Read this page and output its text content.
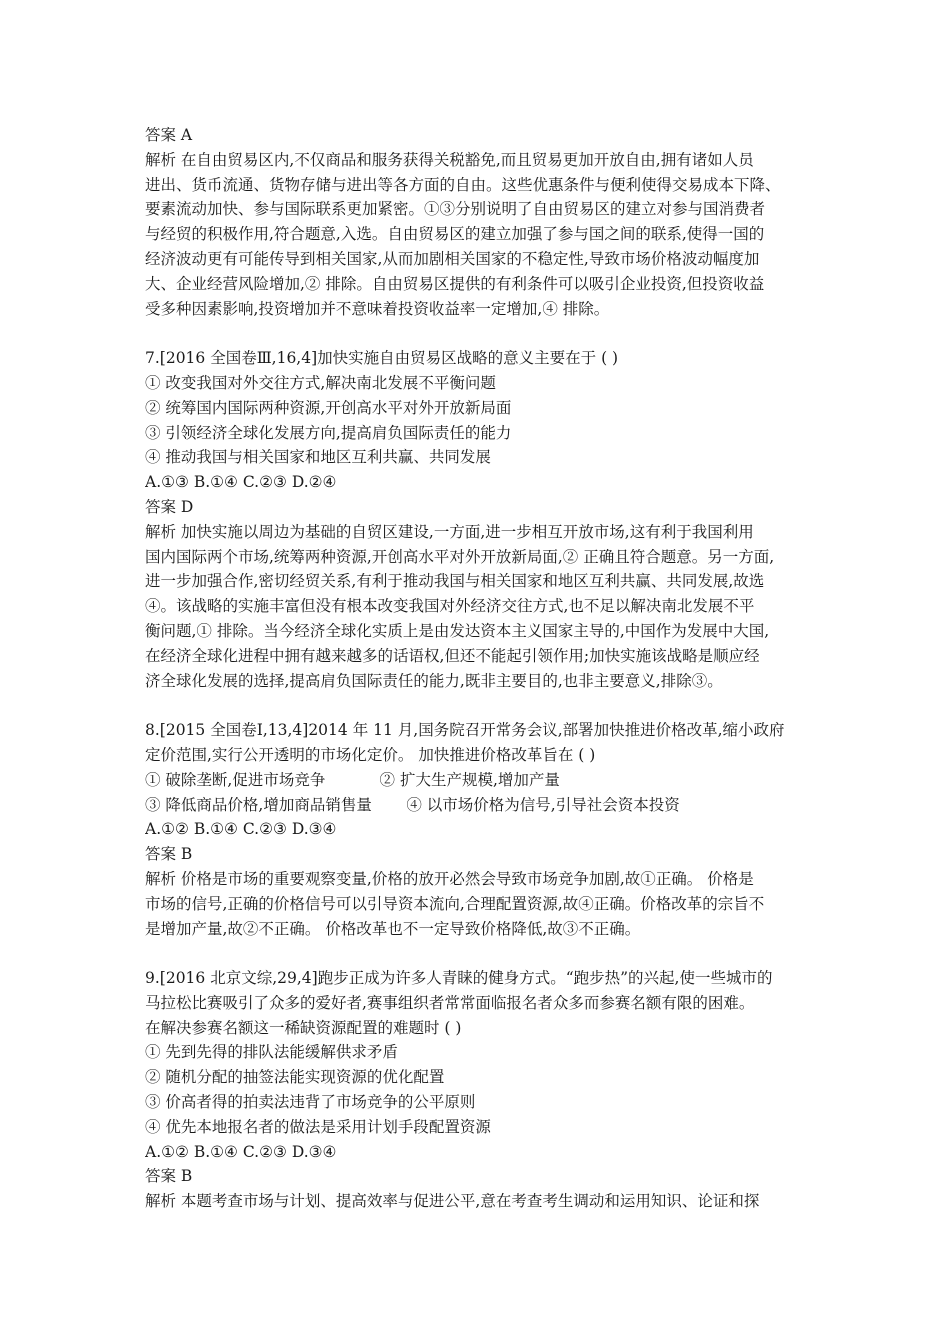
答案 A
解析 在自由贸易区内,不仅商品和服务获得关税豁免,而且贸易更加开放自由,拥有诸如人员
进出、货币流通、货物存储与进出等各方面的自由。这些优惠条件与便利使得交易成本下降、
要素流动加快、参与国际联系更加紧密。①③分别说明了自由贸易区的建立对参与国消费者
与经贸的积极作用,符合题意,入选。自由贸易区的建立加强了参与国之间的联系,使得一国的
经济波动更有可能传导到相关国家,从而加剧相关国家的不稳定性,导致市场价格波动幅度加
大、企业经营风险增加,② 排除。自由贸易区提供的有利条件可以吸引企业投资,但投资收益
受多种因素影响,投资增加并不意味着投资收益率一定增加,④ 排除。
7.[2016 全国卷Ⅲ,16,4]加快实施自由贸易区战略的意义主要在于 ( )
① 改变我国对外交往方式,解决南北发展不平衡问题
② 统筹国内国际两种资源,开创高水平对外开放新局面
③ 引领经济全球化发展方向,提高肩负国际责任的能力
④ 推动我国与相关国家和地区互利共赢、共同发展
A.①③ B.①④ C.②③ D.②④
答案 D
解析 加快实施以周边为基础的自贸区建设,一方面,进一步相互开放市场,这有利于我国利用
国内国际两个市场,统筹两种资源,开创高水平对外开放新局面,② 正确且符合题意。另一方面,
进一步加强合作,密切经贸关系,有利于推动我国与相关国家和地区互利共赢、共同发展,故选
④。该战略的实施丰富但没有根本改变我国对外经济交往方式,也不足以解决南北发展不平
衡问题,① 排除。当今经济全球化实质上是由发达资本主义国家主导的,中国作为发展中大国,
在经济全球化进程中拥有越来越多的话语权,但还不能起引领作用;加快实施该战略是顺应经
济全球化发展的选择,提高肩负国际责任的能力,既非主要目的,也非主要意义,排除③。
8.[2015 全国卷Ⅰ,13,4]2014 年 11 月,国务院召开常务会议,部署加快推进价格改革,缩小政府
定价范围,实行公开透明的市场化定价。 加快推进价格改革旨在 ( )
① 破除垄断,促进市场竞争           ② 扩大生产规模,增加产量
③ 降低商品价格,增加商品销售量       ④ 以市场价格为信号,引导社会资本投资
A.①② B.①④ C.②③ D.③④
答案 B
解析 价格是市场的重要观察变量,价格的放开必然会导致市场竞争加剧,故①正确。 价格是
市场的信号,正确的价格信号可以引导资本流向,合理配置资源,故④正确。价格改革的宗旨不
是增加产量,故②不正确。 价格改革也不一定导致价格降低,故③不正确。
9.[2016 北京文综,29,4]跑步正成为许多人青睐的健身方式。“跑步热”的兴起,使一些城市的
马拉松比赛吸引了众多的爱好者,赛事组织者常常面临报名者众多而参赛名额有限的困难。
在解决参赛名额这一稀缺资源配置的难题时 ( )
① 先到先得的排队法能缓解供求矛盾
② 随机分配的抽签法能实现资源的优化配置
③ 价高者得的拍卖法违背了市场竞争的公平原则
④ 优先本地报名者的做法是采用计划手段配置资源
A.①② B.①④ C.②③ D.③④
答案 B
解析 本题考查市场与计划、提高效率与促进公平,意在考查考生调动和运用知识、论证和探
